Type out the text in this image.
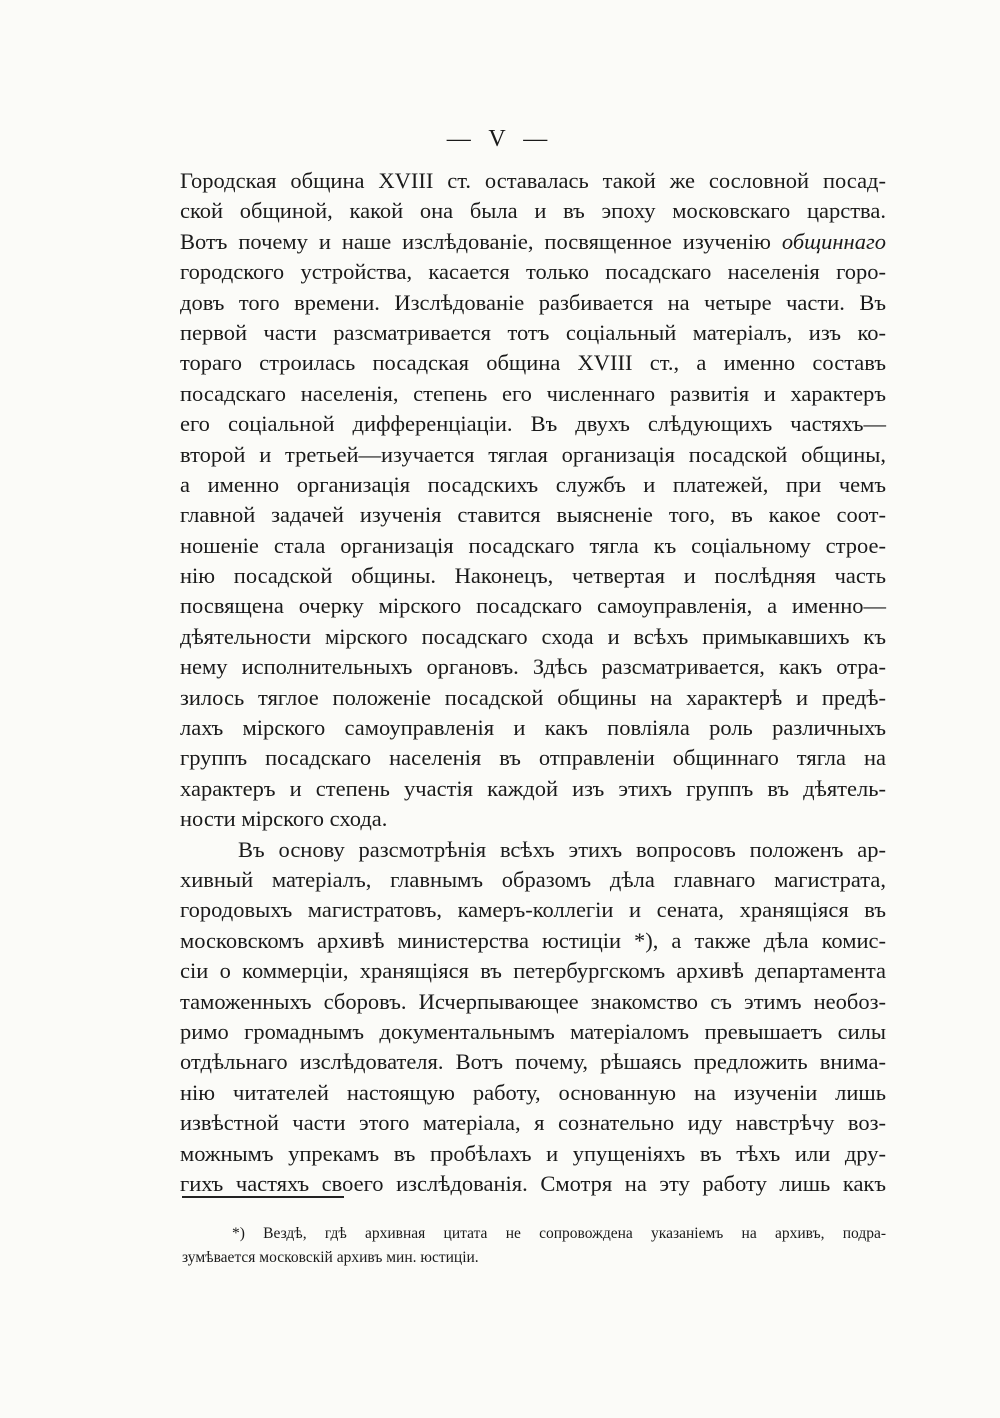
— V —
Городская община XVIII ст. оставалась такой же сословной посад-
ской общиной, какой она была и въ эпоху московскаго царства.
Вотъ почему и наше изслѣдованіе, посвященное изученію общиннаго
городского устройства, касается только посадскаго населенія горо-
довъ того времени. Изслѣдованіе разбивается на четыре части. Въ
первой части разсматривается тотъ соціальный матеріалъ, изъ ко-
тораго строилась посадская община XVIII ст., а именно составъ
посадскаго населенія, степень его численнаго развитія и характеръ
его соціальной дифференціаціи. Въ двухъ слѣдующихъ частяхъ—
второй и третьей—изучается тяглая организація посадской общины,
а именно организація посадскихъ службъ и платежей, при чемъ
главной задачей изученія ставится выясненіе того, въ какое соот-
ношеніе стала организація посадскаго тягла къ соціальному строе-
нію посадской общины. Наконецъ, четвертая и послѣдняя часть
посвящена очерку мірского посадскаго самоуправленія, а именно—
дѣятельности мірского посадскаго схода и всѣхъ примыкавшихъ къ
нему исполнительныхъ органовъ. Здѣсь разсматривается, какъ отра-
зилось тяглое положеніе посадской общины на характерѣ и предѣ-
лахъ мірского самоуправленія и какъ повліяла роль различныхъ
группъ посадскаго населенія въ отправленіи общиннаго тягла на
характеръ и степень участія каждой изъ этихъ группъ въ дѣятель-
ности мірского схода.
Въ основу разсмотрѣнія всѣхъ этихъ вопросовъ положенъ ар-
хивный матеріалъ, главнымъ образомъ дѣла главнаго магистрата,
городовыхъ магистратовъ, камеръ-коллегіи и сената, хранящіяся въ
московскомъ архивѣ министерства юстиціи *), а также дѣла комис-
сіи о коммерціи, хранящіяся въ петербургскомъ архивѣ департамента
таможенныхъ сборовъ. Исчерпывающее знакомство съ этимъ необоз-
римо громаднымъ документальнымъ матеріаломъ превышаетъ силы
отдѣльнаго изслѣдователя. Вотъ почему, рѣшаясь предложить внима-
нію читателей настоящую работу, основанную на изученіи лишь
извѣстной части этого матеріала, я сознательно иду навстрѣчу воз-
можнымъ упрекамъ въ пробѣлахъ и упущеніяхъ въ тѣхъ или дру-
гихъ частяхъ своего изслѣдованія. Смотря на эту работу лишь какъ
*) Вездѣ, гдѣ архивная цитата не сопровождена указаніемъ на архивъ, подра-
зумѣвается московскій архивъ мин. юстиціи.
